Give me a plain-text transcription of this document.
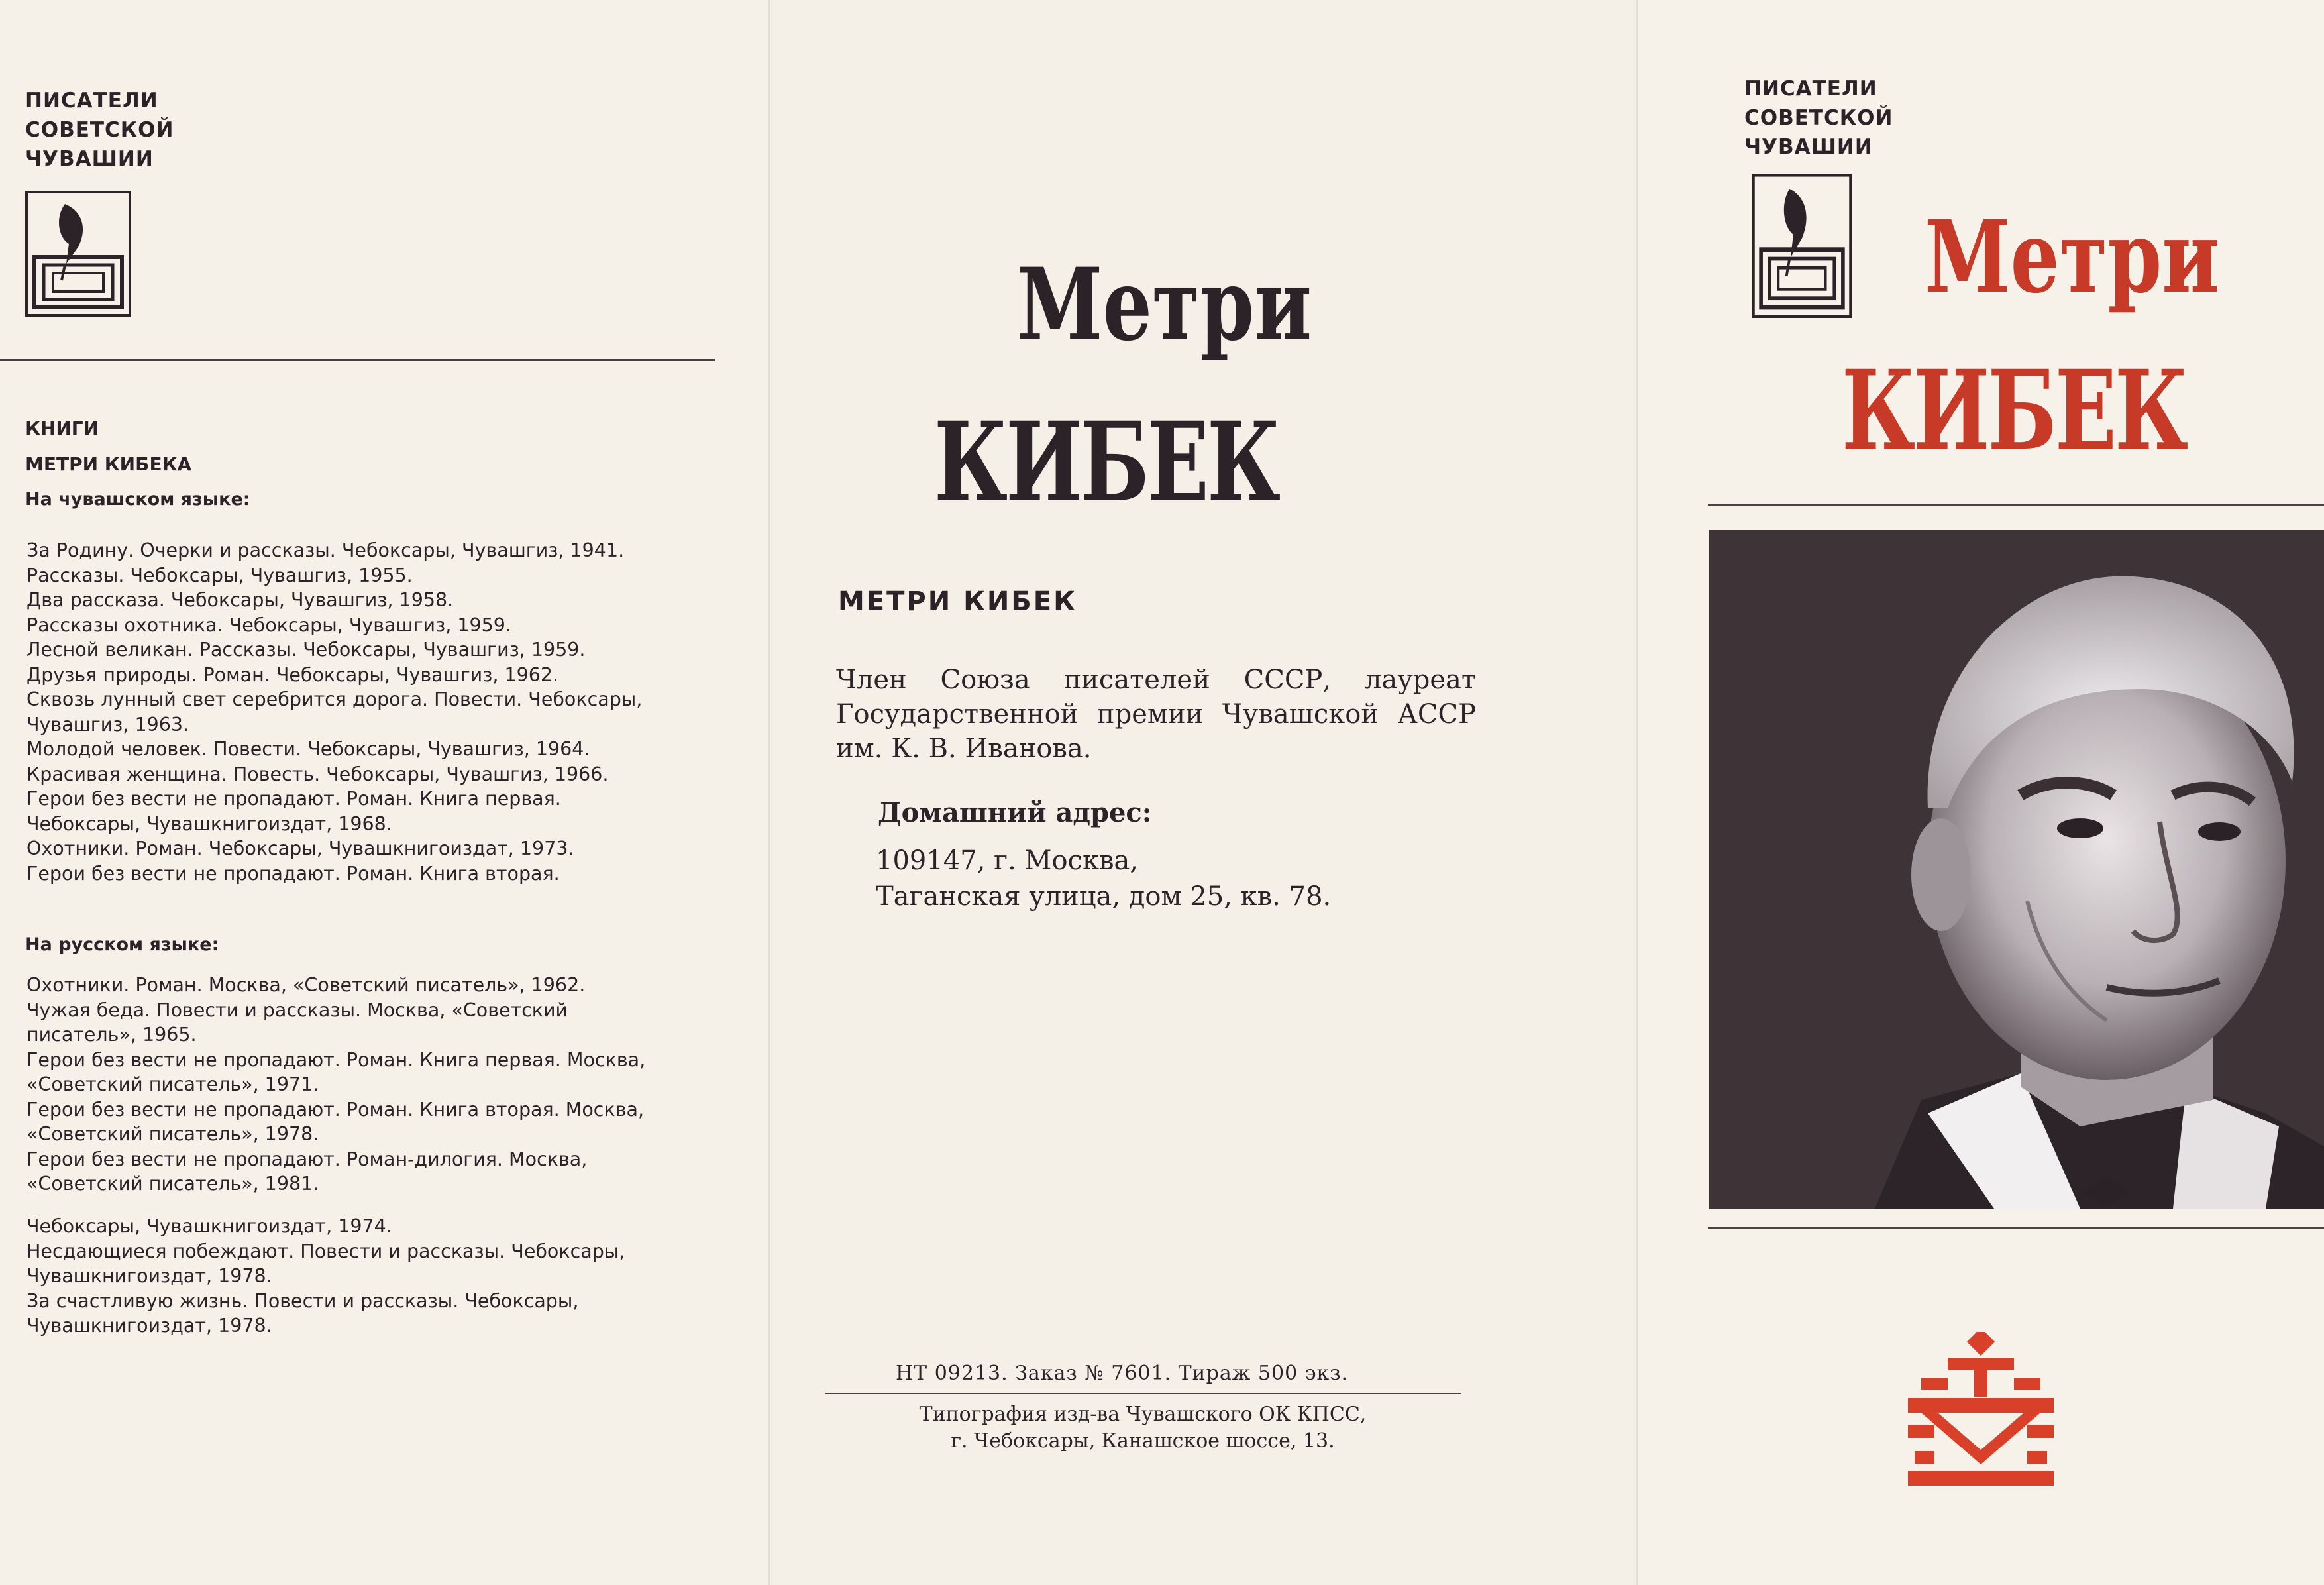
ПИСАТЕЛИ
СОВЕТСКОЙ
ЧУВАШИИ

КНИГИ

МЕТРИ КИБЕКА

На чувашском языке:

За Родину. Очерки и рассказы. Чебоксары, Чувашгиз, 1941.
Рассказы. Чебоксары, Чувашгиз, 1955.
Два рассказа. Чебоксары, Чувашгиз, 1958.
Рассказы охотника. Чебоксары, Чувашгиз, 1959.
Лесной великан. Рассказы. Чебоксары, Чувашгиз, 1959.
Друзья природы. Роман. Чебоксары, Чувашгиз, 1962.
Сквозь лунный свет серебрится дорога. Повести. Чебоксары, Чувашгиз, 1963.
Молодой человек. Повести. Чебоксары, Чувашгиз, 1964.
Красивая женщина. Повесть. Чебоксары, Чувашгиз, 1966.
Герои без вести не пропадают. Роман. Книга первая. Чебоксары, Чувашкнигоиздат, 1968.
Охотники. Роман. Чебоксары, Чувашкнигоиздат, 1973.
Герои без вести не пропадают. Роман. Книга вторая.

На русском языке:

Охотники. Роман. Москва, «Советский писатель», 1962.
Чужая беда. Повести и рассказы. Москва, «Советский писатель», 1965.
Герои без вести не пропадают. Роман. Книга первая. Москва, «Советский писатель», 1971.
Герои без вести не пропадают. Роман. Книга вторая. Москва, «Советский писатель», 1978.
Герои без вести не пропадают. Роман-дилогия. Москва, «Советский писатель», 1981.
Чебоксары, Чувашкнигоиздат, 1974.
Несдающиеся побеждают. Повести и рассказы. Чебоксары, Чувашкнигоиздат, 1978.
За счастливую жизнь. Повести и рассказы. Чебоксары, Чувашкнигоиздат, 1978.
Метри
КИБЕК

МЕТРИ КИБЕК

Член Союза писателей СССР, лауреат Государственной премии Чувашской АССР им. К. В. Иванова.

Домашний адрес:

109147, г. Москва,
Таганская улица, дом 25, кв. 78.

НТ 09213. Заказ № 7601. Тираж 500 экз.

Типография изд-ва Чувашского ОК КПСС,
г. Чебоксары, Канашское шоссе, 13.

ПИСАТЕЛИ
СОВЕТСКОЙ
ЧУВАШИИ

Метри
КИБЕК
